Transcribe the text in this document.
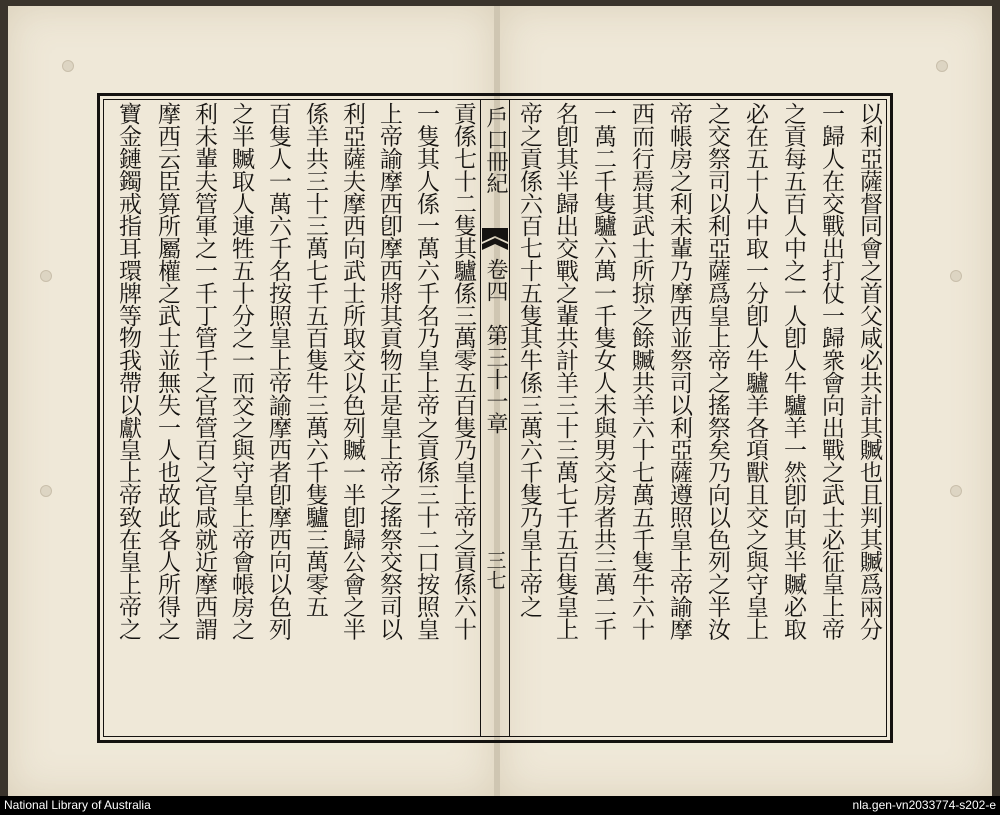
以利亞薩督同會之首父咸必共計其贓也且判其贓爲兩分
一歸人在交戰出打仗一歸衆會向出戰之武士必征皇上帝
之貢每五百人中之一人卽人牛驢羊一然卽向其半贓必取
必在五十人中取一分卽人牛驢羊各項獸且交之與守皇上
之交祭司以利亞薩爲皇上帝之搖祭矣乃向以色列之半汝
帝帳房之利未輩乃摩西並祭司以利亞薩遵照皇上帝諭摩
西而行焉其武士所掠之餘贓共羊六十七萬五千隻牛六十
一萬二千隻驢六萬一千隻女人未與男交房者共三萬二千
名卽其半歸出交戰之輩共計羊三十三萬七千五百隻皇上
帝之貢係六百七十五隻其牛係三萬六千隻乃皇上帝之
戶口冊紀
卷四　第三十一章
三七
貢係七十二隻其驢係三萬零五百隻乃皇上帝之貢係六十
一隻其人係一萬六千名乃皇上帝之貢係三十二口按照皇
上帝諭摩西卽摩西將其貢物正是皇上帝之搖祭交祭司以
利亞薩夫摩西向武士所取交以色列贓一半卽歸公會之半
係羊共三十三萬七千五百隻牛三萬六千隻驢三萬零五
百隻人一萬六千名按照皇上帝諭摩西者卽摩西向以色列
之半贓取人連牲五十分之一而交之與守皇上帝會帳房之
利未輩夫管軍之一千丁管千之官管百之官咸就近摩西謂
摩西云臣算所屬權之武士並無失一人也故此各人所得之
寶金鏈鐲戒指耳環牌等物我帶以獻皇上帝致在皇上帝之
National Library of Australia	nla.gen-vn2033774-s202-e
